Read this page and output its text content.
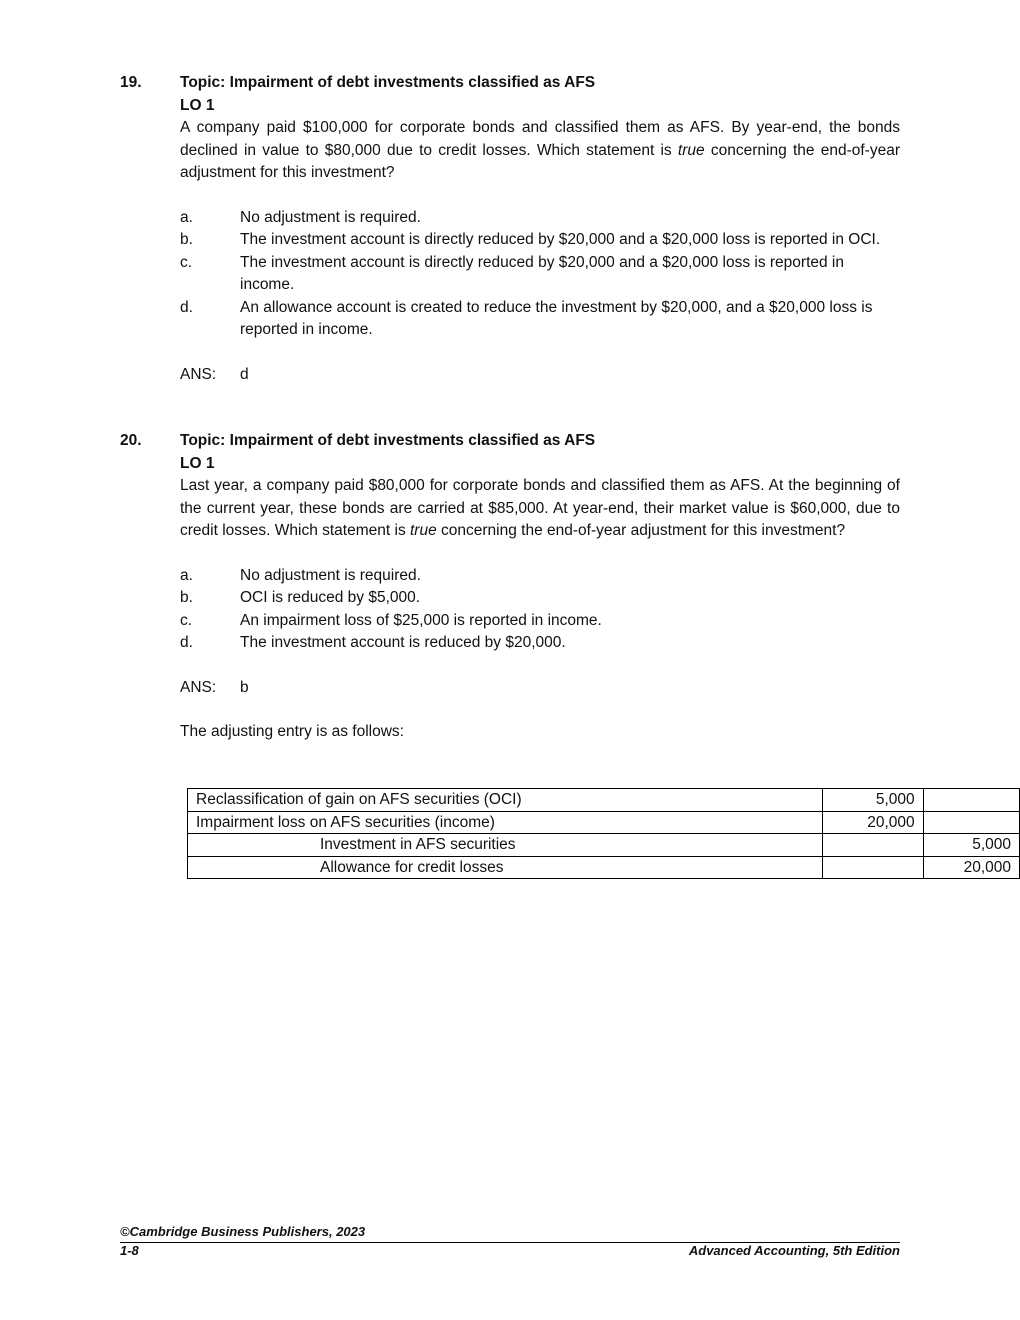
19. Topic: Impairment of debt investments classified as AFS
LO 1
A company paid $100,000 for corporate bonds and classified them as AFS. By year-end, the bonds declined in value to $80,000 due to credit losses. Which statement is true concerning the end-of-year adjustment for this investment?
a.	No adjustment is required.
b.	The investment account is directly reduced by $20,000 and a $20,000 loss is reported in OCI.
c.	The investment account is directly reduced by $20,000 and a $20,000 loss is reported in income.
d.	An allowance account is created to reduce the investment by $20,000, and a $20,000 loss is reported in income.
ANS:	d
20. Topic: Impairment of debt investments classified as AFS
LO 1
Last year, a company paid $80,000 for corporate bonds and classified them as AFS. At the beginning of the current year, these bonds are carried at $85,000. At year-end, their market value is $60,000, due to credit losses. Which statement is true concerning the end-of-year adjustment for this investment?
a.	No adjustment is required.
b.	OCI is reduced by $5,000.
c.	An impairment loss of $25,000 is reported in income.
d.	The investment account is reduced by $20,000.
ANS:	b
The adjusting entry is as follows:
Reclassification of gain on AFS securities (OCI)	5,000	
Impairment loss on AFS securities (income)	20,000	
Investment in AFS securities		5,000
Allowance for credit losses		20,000
©Cambridge Business Publishers, 2023
1-8	Advanced Accounting, 5th Edition
